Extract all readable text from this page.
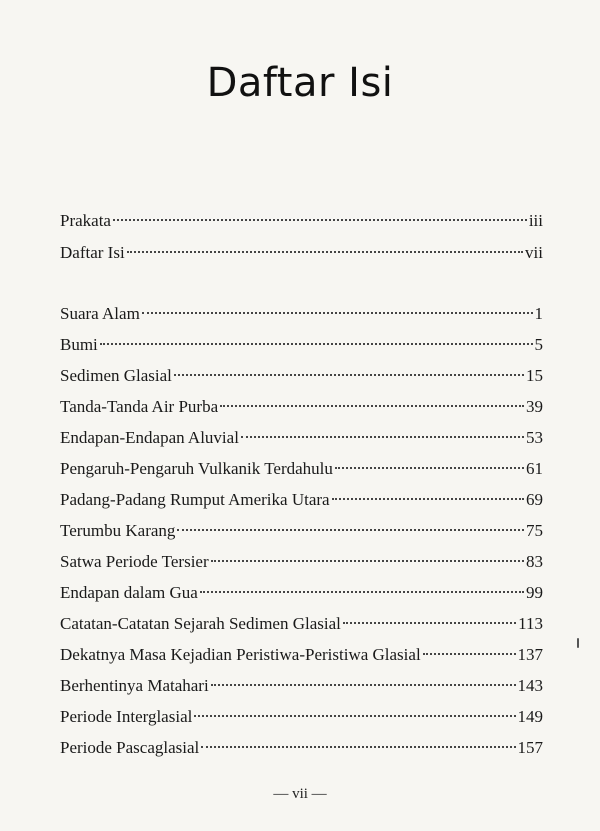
Daftar Isi
Prakata	iii
Daftar Isi	vii
Suara Alam	1
Bumi	5
Sedimen Glasial	15
Tanda-Tanda Air Purba	39
Endapan-Endapan Aluvial	53
Pengaruh-Pengaruh Vulkanik Terdahulu	61
Padang-Padang Rumput Amerika Utara	69
Terumbu Karang	75
Satwa Periode Tersier	83
Endapan dalam Gua	99
Catatan-Catatan Sejarah Sedimen Glasial	113
Dekatnya Masa Kejadian Peristiwa-Peristiwa Glasial	137
Berhentinya Matahari	143
Periode Interglasial	149
Periode Pascaglasial	157
— vii —
